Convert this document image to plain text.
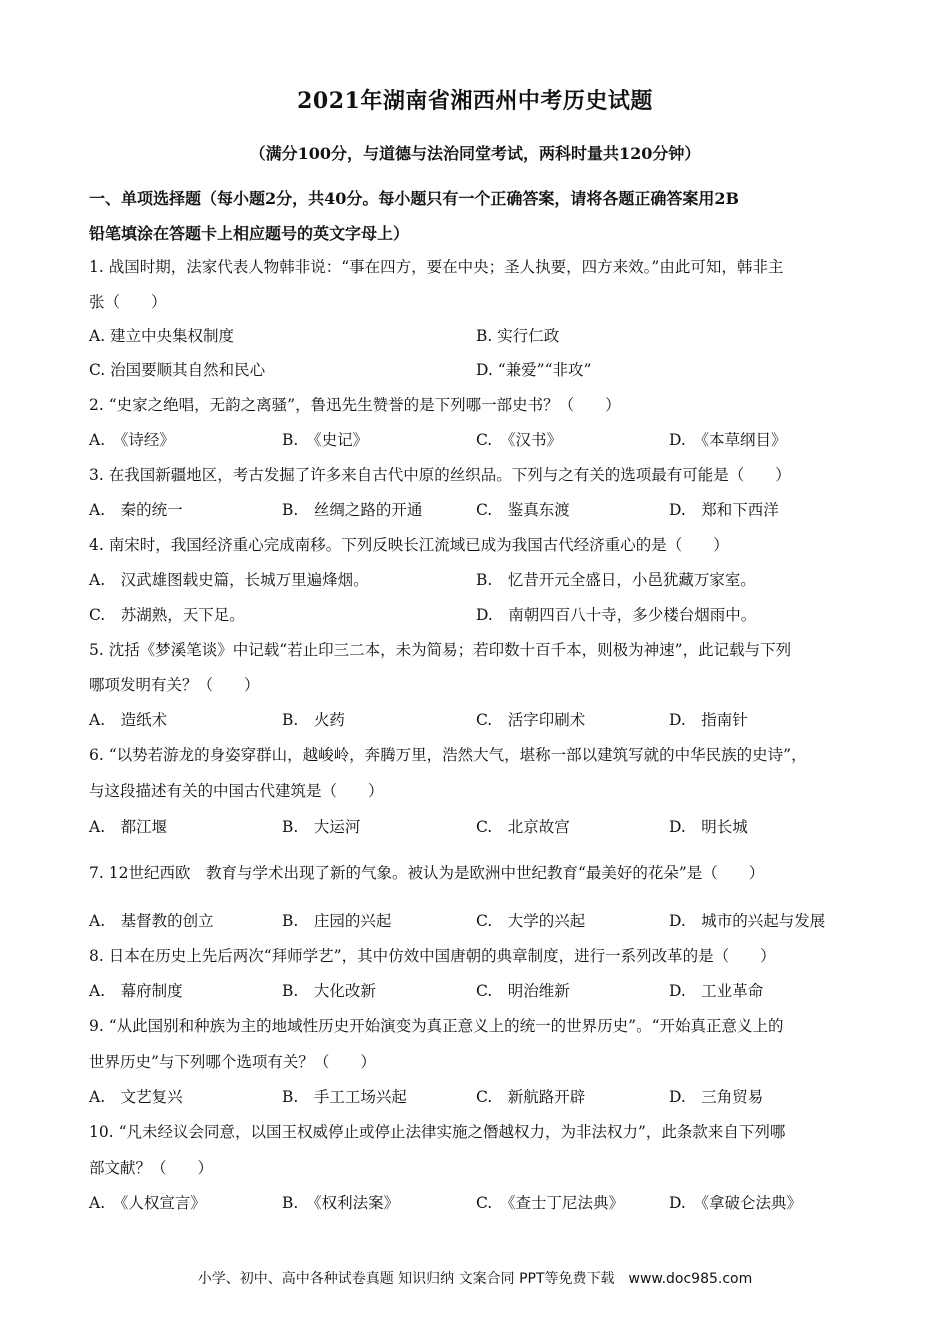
2021年湖南省湘西州中考历史试题
（满分100分，与道德与法治同堂考试，两科时量共120分钟）
一、单项选择题（每小题2分，共40分。每小题只有一个正确答案，请将各题正确答案用2B
铅笔填涂在答题卡上相应题号的英文字母上）
1. 战国时期，法家代表人物韩非说：“事在四方，要在中央；圣人执要，四方来效。”由此可知，韩非主
张（　　）
A. 建立中央集权制度	B. 实行仁政
C. 治国要顺其自然和民心	D. “兼爱”“非攻”
2. “史家之绝唱，无韵之离骚”，鲁迅先生赞誉的是下列哪一部史书？（　　）
A.　《诗经》	B.　《史记》	C.　《汉书》	D.　《本草纲目》
3. 在我国新疆地区，考古发掘了许多来自古代中原的丝织品。下列与之有关的选项最有可能是（　　）
A.　秦的统一	B.　丝绸之路的开通	C.　鉴真东渡	D.　郑和下西洋
4. 南宋时，我国经济重心完成南移。下列反映长江流域已成为我国古代经济重心的是（　　）
A.　汉武雄图载史篇，长城万里遍烽烟。	B.　忆昔开元全盛日，小邑犹藏万家室。
C.　苏湖熟，天下足。	D.　南朝四百八十寺，多少楼台烟雨中。
5. 沈括《梦溪笔谈》中记载“若止印三二本，未为简易；若印数十百千本，则极为神速”，此记载与下列
哪项发明有关？（　　）
A.　造纸术	B.　火药	C.　活字印刷术	D.　指南针
6. “以势若游龙的身姿穿群山，越峻岭，奔腾万里，浩然大气，堪称一部以建筑写就的中华民族的史诗”，
与这段描述有关的中国古代建筑是（　　）
A.　都江堰	B.　大运河	C.　北京故宫	D.　明长城
7. 12世纪西欧　教育与学术出现了新的气象。被认为是欧洲中世纪教育“最美好的花朵”是（　　）
A.　基督教的创立	B.　庄园的兴起	C.　大学的兴起	D.　城市的兴起与发展
8. 日本在历史上先后两次“拜师学艺”，其中仿效中国唐朝的典章制度，进行一系列改革的是（　　）
A.　幕府制度	B.　大化改新	C.　明治维新	D.　工业革命
9. “从此国别和种族为主的地域性历史开始演变为真正意义上的统一的世界历史”。“开始真正意义上的
世界历史”与下列哪个选项有关？（　　）
A.　文艺复兴	B.　手工工场兴起	C.　新航路开辟	D.　三角贸易
10. “凡未经议会同意，以国王权威停止或停止法律实施之僭越权力，为非法权力”，此条款来自下列哪
部文献？（　　）
A.　《人权宣言》	B.　《权利法案》	C.　《查士丁尼法典》	D.　《拿破仑法典》
小学、初中、高中各种试卷真题 知识归纳 文案合同 PPT等免费下载　www.doc985.com
